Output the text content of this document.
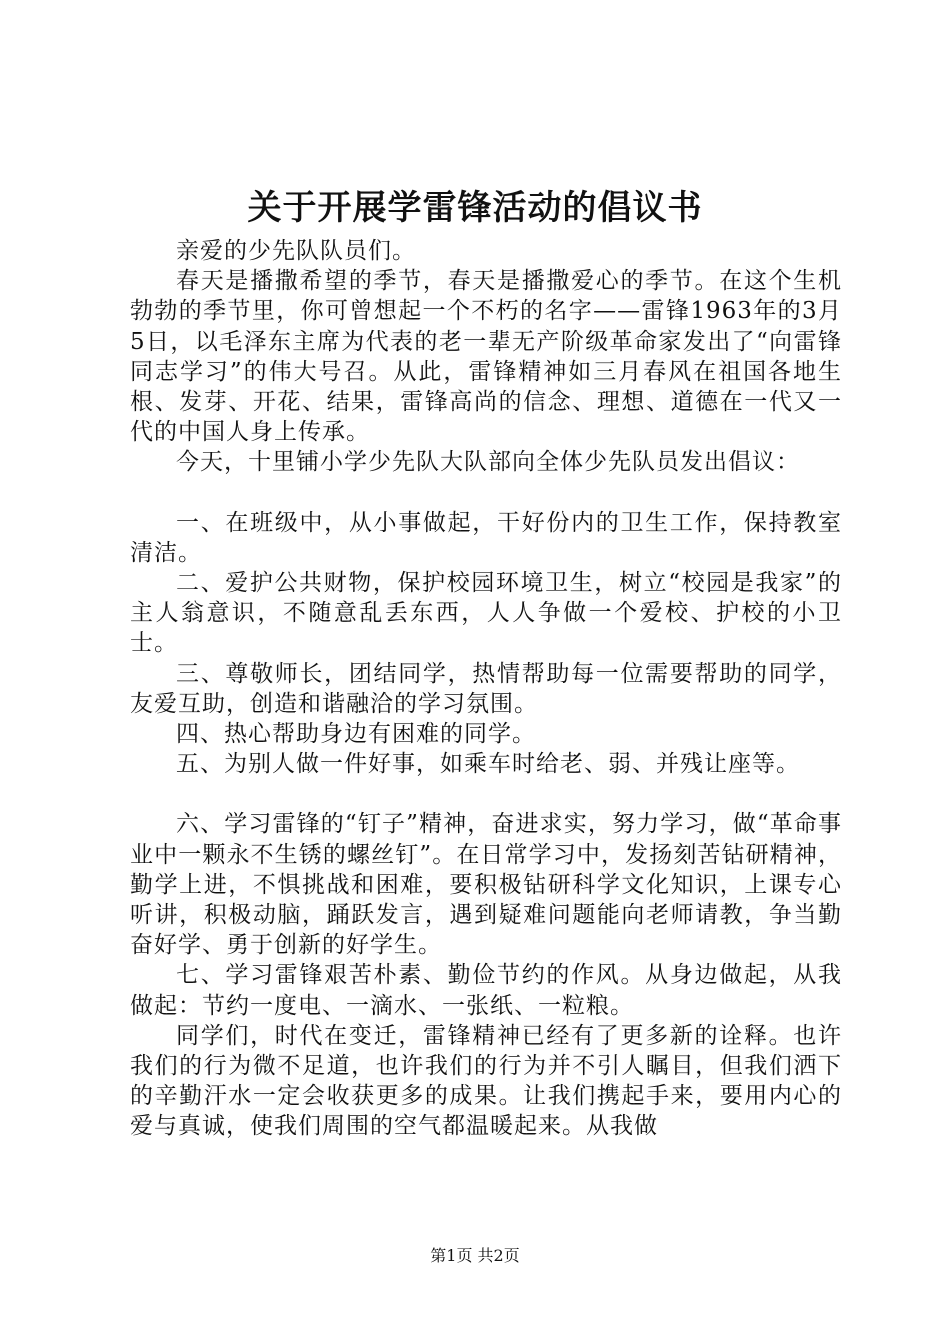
关于开展学雷锋活动的倡议书

亲爱的少先队队员们。

春天是播撒希望的季节，春天是播撒爱心的季节。在这个生机勃勃的季节里，你可曾想起一个不朽的名字——雷锋1963年的3月5日，以毛泽东主席为代表的老一辈无产阶级革命家发出了“向雷锋同志学习”的伟大号召。从此，雷锋精神如三月春风在祖国各地生根、发芽、开花、结果，雷锋高尚的信念、理想、道德在一代又一代的中国人身上传承。

今天，十里铺小学少先队大队部向全体少先队员发出倡议：

一、在班级中，从小事做起，干好份内的卫生工作，保持教室清洁。

二、爱护公共财物，保护校园环境卫生，树立“校园是我家”的主人翁意识，不随意乱丢东西，人人争做一个爱校、护校的小卫士。

三、尊敬师长，团结同学，热情帮助每一位需要帮助的同学，友爱互助，创造和谐融洽的学习氛围。

四、热心帮助身边有困难的同学。

五、为别人做一件好事，如乘车时给老、弱、并残让座等。

六、学习雷锋的“钉子”精神，奋进求实，努力学习，做“革命事业中一颗永不生锈的螺丝钉”。在日常学习中，发扬刻苦钻研精神，勤学上进，不惧挑战和困难，要积极钻研科学文化知识，上课专心听讲，积极动脑，踊跃发言，遇到疑难问题能向老师请教，争当勤奋好学、勇于创新的好学生。

七、学习雷锋艰苦朴素、勤俭节约的作风。从身边做起，从我做起：节约一度电、一滴水、一张纸、一粒粮。

同学们，时代在变迁，雷锋精神已经有了更多新的诠释。也许我们的行为微不足道，也许我们的行为并不引人瞩目，但我们洒下的辛勤汗水一定会收获更多的成果。让我们携起手来，要用内心的爱与真诚，使我们周围的空气都温暖起来。从我做

第1页 共2页
